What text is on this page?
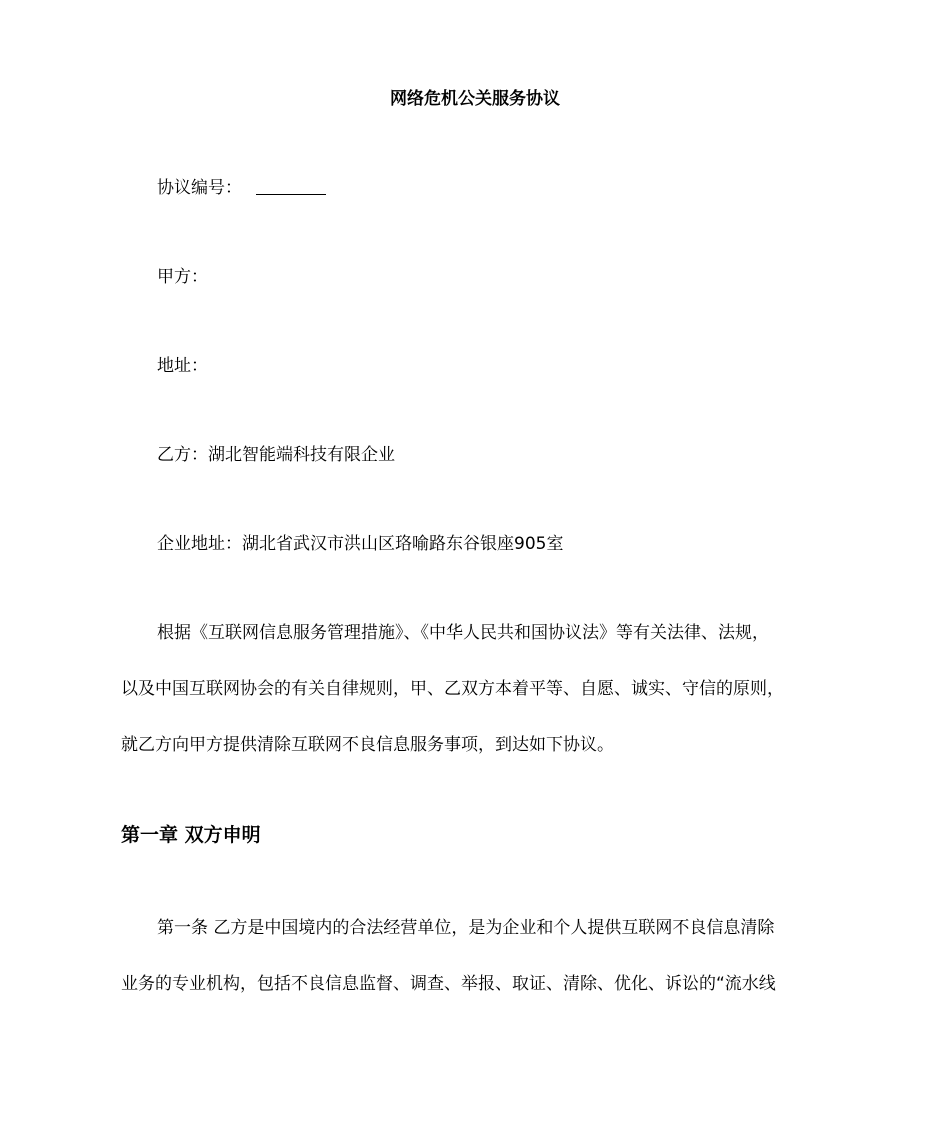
网络危机公关服务协议
协议编号：
甲方：
地址：
乙方：湖北智能端科技有限企业
企业地址：湖北省武汉市洪山区珞喻路东谷银座905室
根据《互联网信息服务管理措施》、《中华人民共和国协议法》等有关法律、法规，
以及中国互联网协会的有关自律规则，甲、乙双方本着平等、自愿、诚实、守信的原则，
就乙方向甲方提供清除互联网不良信息服务事项，到达如下协议。
第一章 双方申明
第一条 乙方是中国境内的合法经营单位，是为企业和个人提供互联网不良信息清除
业务的专业机构，包括不良信息监督、调查、举报、取证、清除、优化、诉讼的“流水线
